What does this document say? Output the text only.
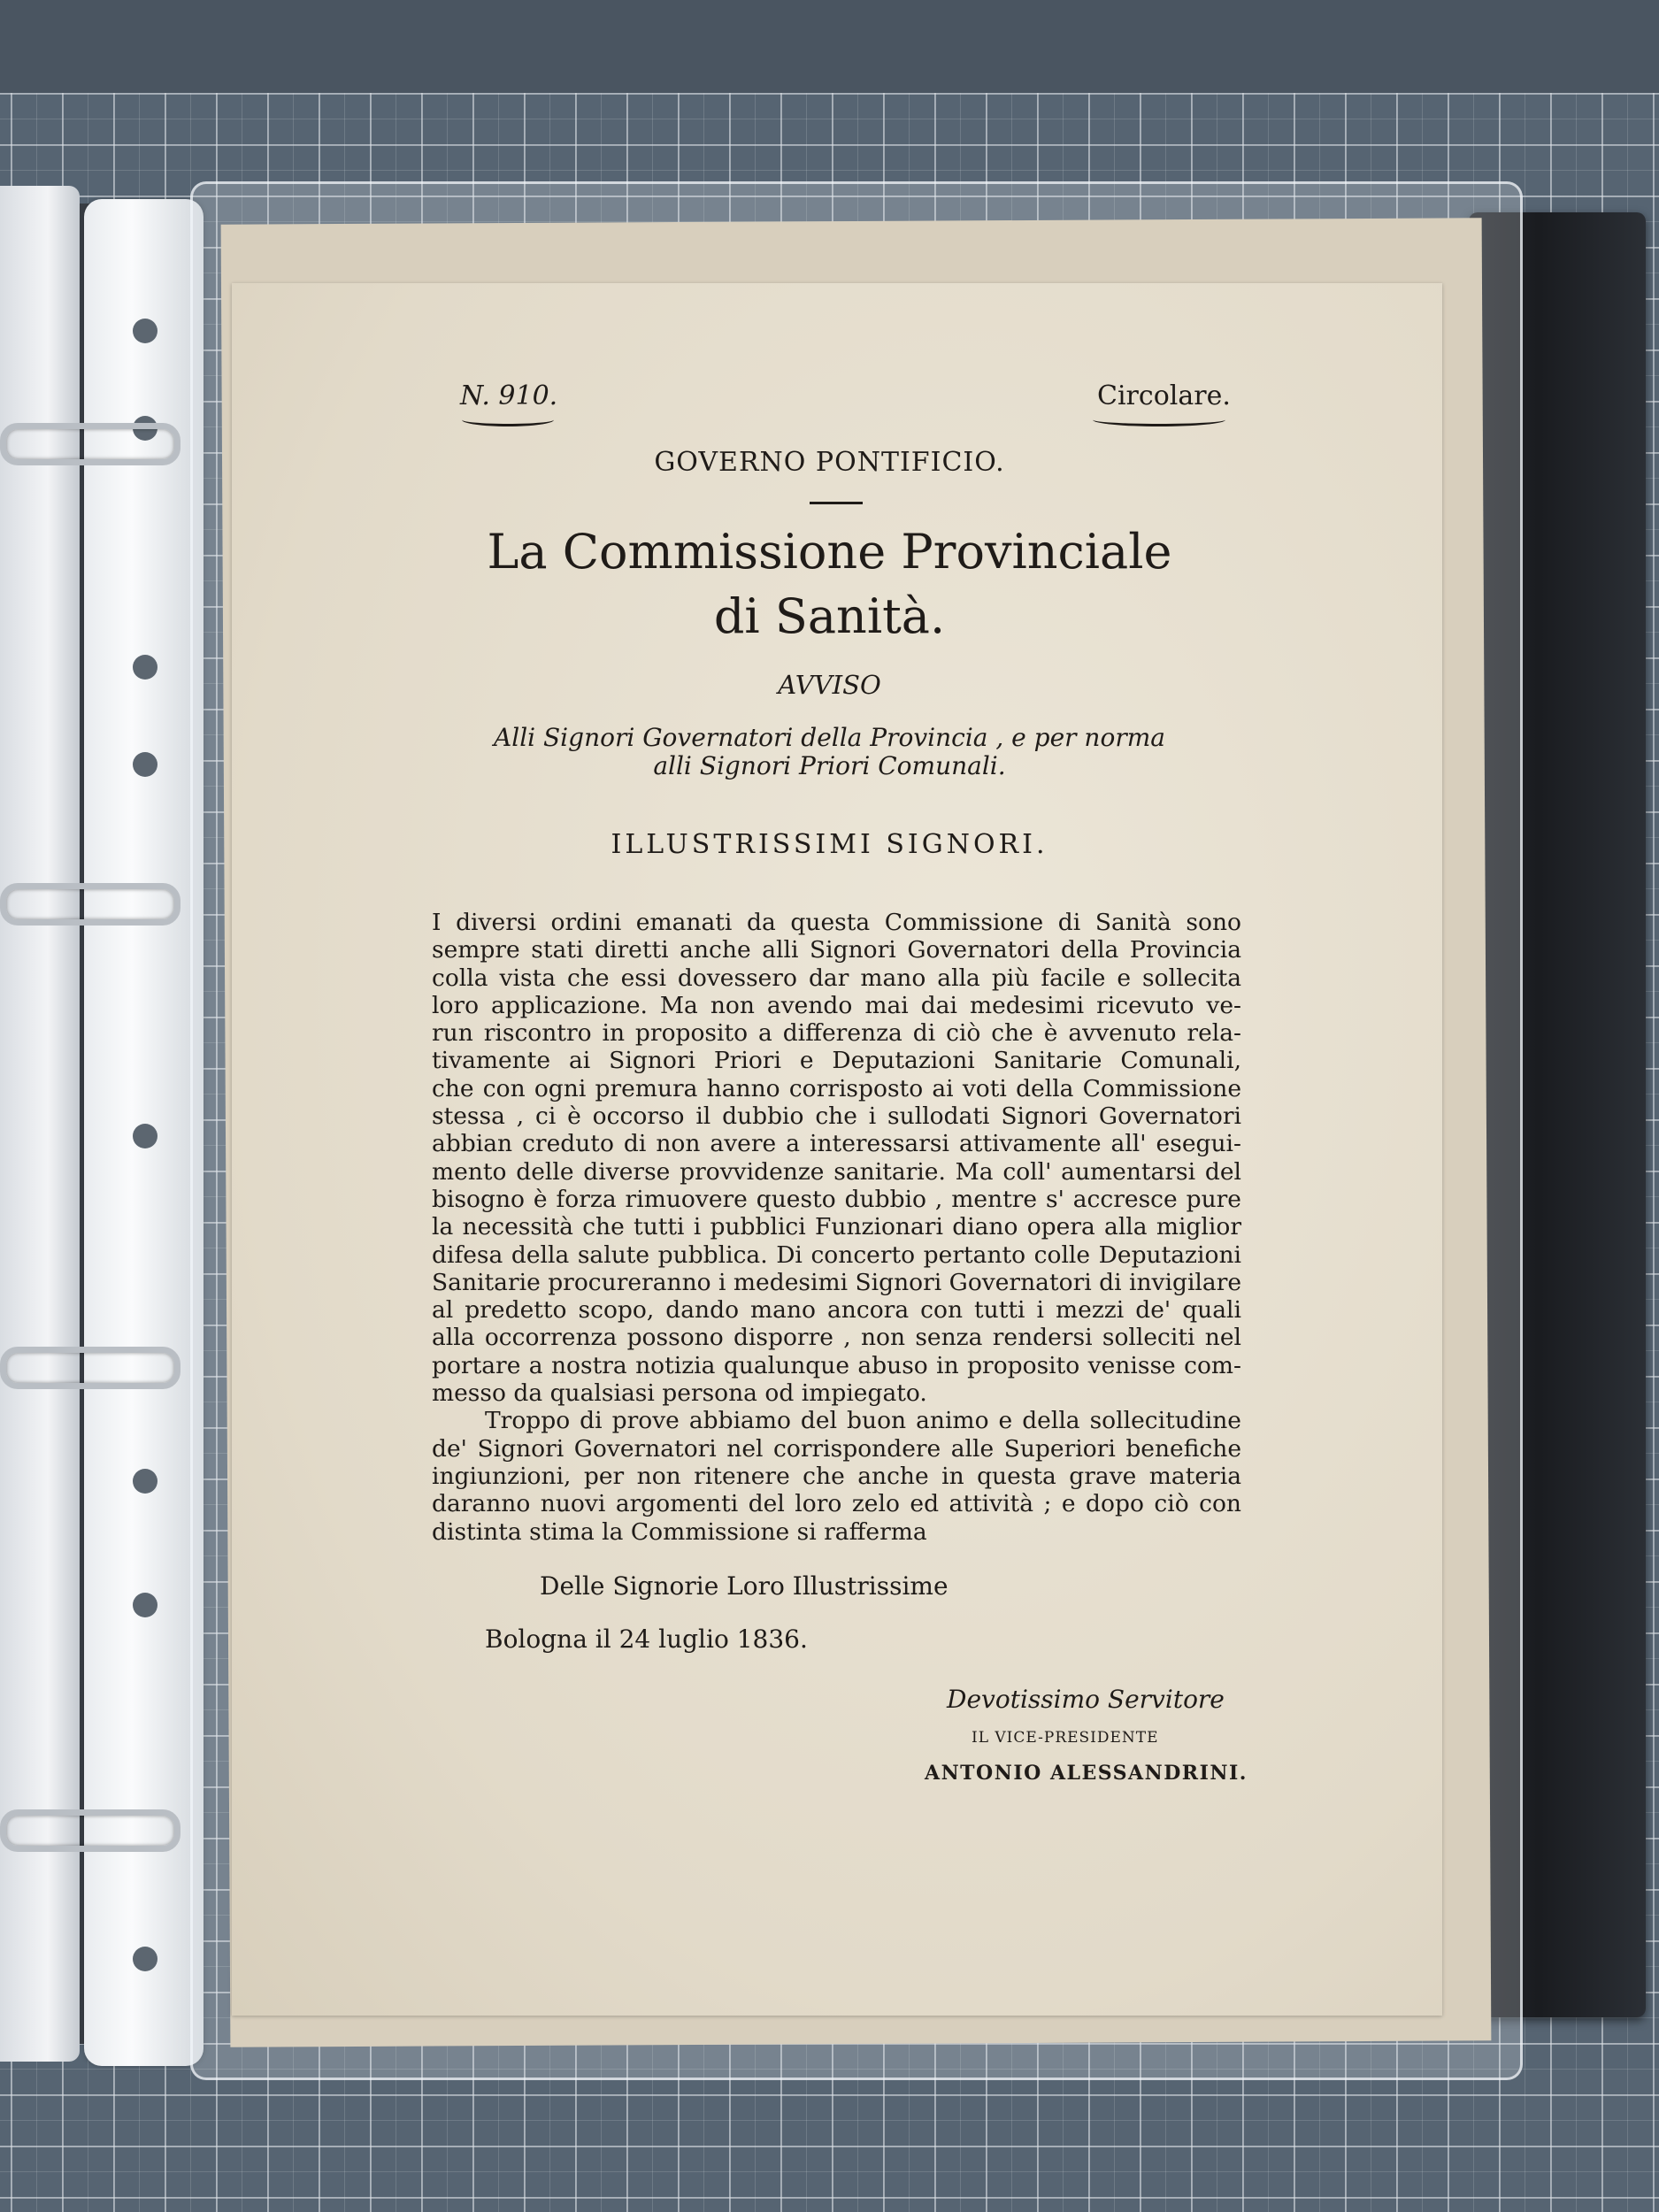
N. 910.	Circolare.
GOVERNO PONTIFICIO.
La Commissione Provinciale
di Sanità.
AVVISO
Alli Signori Governatori della Provincia , e per norma
alli Signori Priori Comunali.
ILLUSTRISSIMI SIGNORI.
I diversi ordini emanati da questa Commissione di Sanità sono
sempre stati diretti anche alli Signori Governatori della Provincia
colla vista che essi dovessero dar mano alla più facile e sollecita
loro applicazione. Ma non avendo mai dai medesimi ricevuto ve-
run riscontro in proposito a differenza di ciò che è avvenuto rela-
tivamente ai Signori Priori e Deputazioni Sanitarie Comunali,
che con ogni premura hanno corrisposto ai voti della Commissione
stessa , ci è occorso il dubbio che i sullodati Signori Governatori
abbian creduto di non avere a interessarsi attivamente all' esegui-
mento delle diverse provvidenze sanitarie. Ma coll' aumentarsi del
bisogno è forza rimuovere questo dubbio , mentre s' accresce pure
la necessità che tutti i pubblici Funzionari diano opera alla miglior
difesa della salute pubblica. Di concerto pertanto colle Deputazioni
Sanitarie procureranno i medesimi Signori Governatori di invigilare
al predetto scopo, dando mano ancora con tutti i mezzi de' quali
alla occorrenza possono disporre , non senza rendersi solleciti nel
portare a nostra notizia qualunque abuso in proposito venisse com-
messo da qualsiasi persona od impiegato.
Troppo di prove abbiamo del buon animo e della sollecitudine
de' Signori Governatori nel corrispondere alle Superiori benefiche
ingiunzioni, per non ritenere che anche in questa grave materia
daranno nuovi argomenti del loro zelo ed attività ; e dopo ciò con
distinta stima la Commissione si rafferma
Delle Signorie Loro Illustrissime
Bologna il 24 luglio 1836.
Devotissimo Servitore
IL VICE-PRESIDENTE
ANTONIO ALESSANDRINI.
